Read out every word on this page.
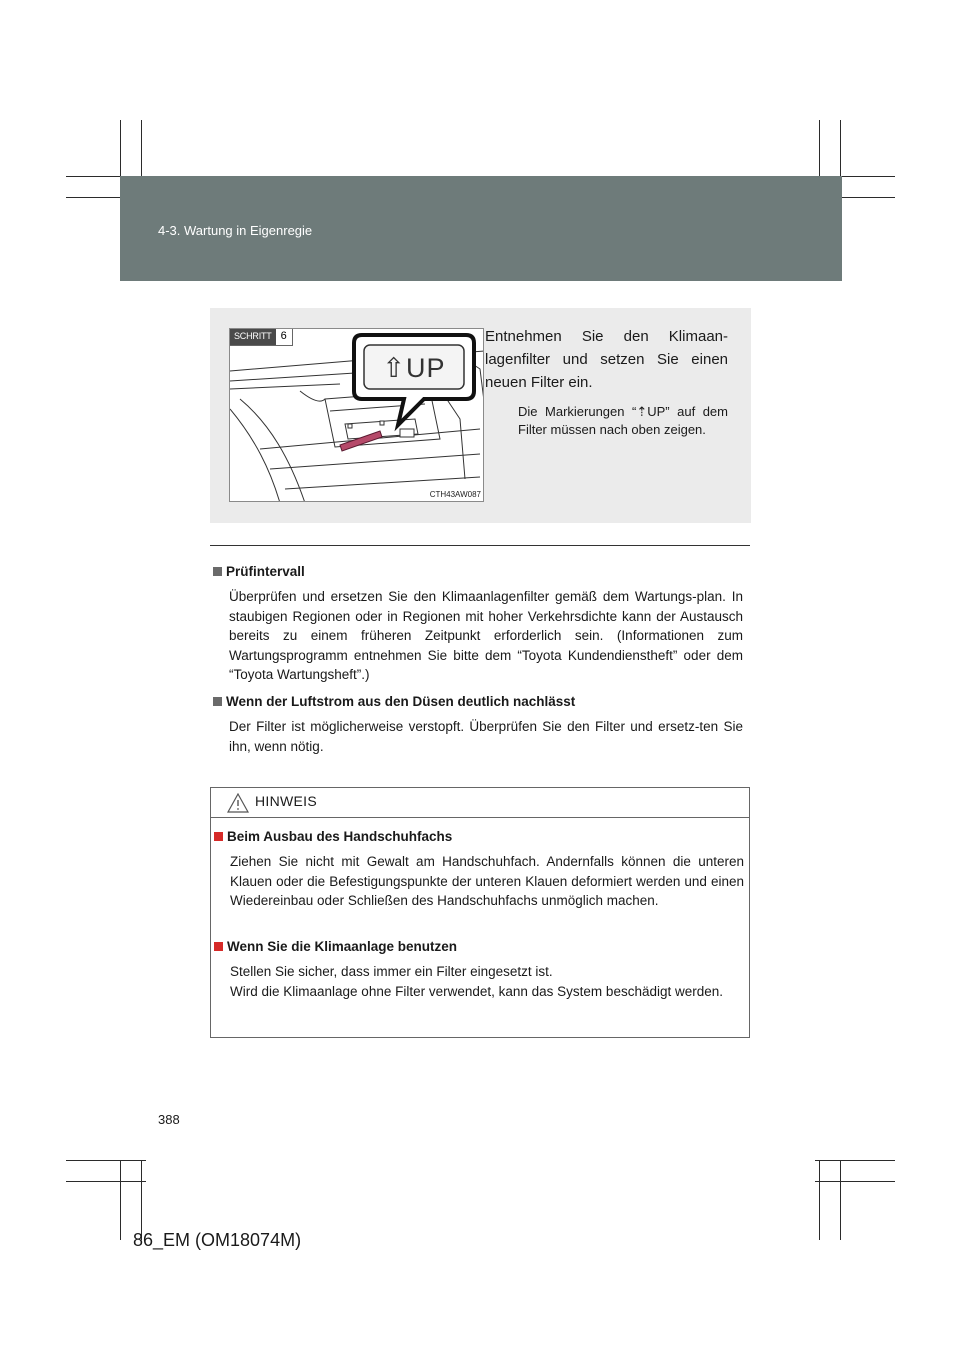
4-3. Wartung in Eigenregie
SCHRITT 6
⇧UP
CTH43AW087
Entnehmen Sie den Klimaan-lagenfilter und setzen Sie einen neuen Filter ein.
Die Markierungen “⇡UP” auf dem Filter müssen nach oben zeigen.
Prüfintervall
Überprüfen und ersetzen Sie den Klimaanlagenfilter gemäß dem Wartungs-plan. In staubigen Regionen oder in Regionen mit hoher Verkehrsdichte kann der Austausch bereits zu einem früheren Zeitpunkt erforderlich sein. (Informationen zum Wartungsprogramm entnehmen Sie bitte dem “Toyota Kundendienstheft” oder dem “Toyota Wartungsheft”.)
Wenn der Luftstrom aus den Düsen deutlich nachlässt
Der Filter ist möglicherweise verstopft. Überprüfen Sie den Filter und ersetz-ten Sie ihn, wenn nötig.
HINWEIS
Beim Ausbau des Handschuhfachs
Ziehen Sie nicht mit Gewalt am Handschuhfach. Andernfalls können die unteren Klauen oder die Befestigungspunkte der unteren Klauen deformiert werden und einen Wiedereinbau oder Schließen des Handschuhfachs unmöglich machen.
Wenn Sie die Klimaanlage benutzen
Stellen Sie sicher, dass immer ein Filter eingesetzt ist.
Wird die Klimaanlage ohne Filter verwendet, kann das System beschädigt werden.
388
86_EM (OM18074M)
